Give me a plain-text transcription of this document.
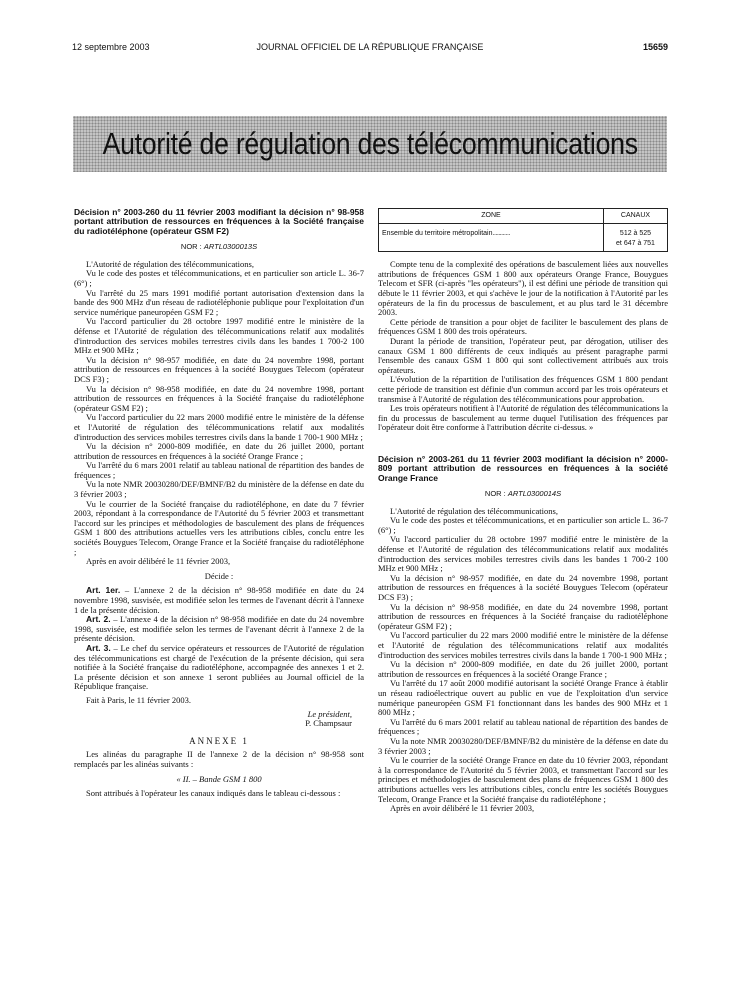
12 septembre 2003	JOURNAL OFFICIEL DE LA RÉPUBLIQUE FRANÇAISE	15659
Autorité de régulation des télécommunications
Décision n° 2003-260 du 11 février 2003 modifiant la décision n° 98-958 portant attribution de ressources en fréquences à la Société française du radiotéléphone (opérateur GSM F2)
NOR : ARTL0300013S

L'Autorité de régulation des télécommunications,

Vu le code des postes et télécommunications, et en particulier son article L. 36-7 (6°) ;

Vu l'arrêté du 25 mars 1991 modifié portant autorisation d'extension dans la bande des 900 MHz d'un réseau de radiotéléphonie publique pour l'exploitation d'un service numérique paneuropéen GSM F2 ;

Vu l'accord particulier du 28 octobre 1997 modifié entre le ministère de la défense et l'Autorité de régulation des télécommunications relatif aux modalités d'introduction des services mobiles terrestres civils dans les bandes 1 700-2 100 MHz et 900 MHz ;

Vu la décision n° 98-957 modifiée, en date du 24 novembre 1998, portant attribution de ressources en fréquences à la société Bouygues Telecom (opérateur DCS F3) ;

Vu la décision n° 98-958 modifiée, en date du 24 novembre 1998, portant attribution de ressources en fréquences à la Société française du radiotéléphone (opérateur GSM F2) ;

Vu l'accord particulier du 22 mars 2000 modifié entre le ministère de la défense et l'Autorité de régulation des télécommunications relatif aux modalités d'introduction des services mobiles terrestres civils dans la bande 1 700-1 900 MHz ;

Vu la décision n° 2000-809 modifiée, en date du 26 juillet 2000, portant attribution de ressources en fréquences à la société Orange France ;

Vu l'arrêté du 6 mars 2001 relatif au tableau national de répartition des bandes de fréquences ;

Vu la note NMR 20030280/DEF/BMNF/B2 du ministère de la défense en date du 3 février 2003 ;

Vu le courrier de la Société française du radiotéléphone, en date du 7 février 2003, répondant à la correspondance de l'Autorité du 5 février 2003 et transmettant l'accord sur les principes et méthodologies de basculement des plans de fréquences GSM 1 800 des attributions actuelles vers les attributions cibles, conclu entre les sociétés Bouygues Telecom, Orange France et la Société française du radiotéléphone ;

Après en avoir délibéré le 11 février 2003,

Décide :

Art. 1er. – L'annexe 2 de la décision n° 98-958 modifiée en date du 24 novembre 1998, susvisée, est modifiée selon les termes de l'avenant décrit à l'annexe 1 de la présente décision.

Art. 2. – L'annexe 4 de la décision n° 98-958 modifiée en date du 24 novembre 1998, susvisée, est modifiée selon les termes de l'avenant décrit à l'annexe 2 de la présente décision.

Art. 3. – Le chef du service opérateurs et ressources de l'Autorité de régulation des télécommunications est chargé de l'exécution de la présente décision, qui sera notifiée à la Société française du radiotéléphone, accompagnée des annexes 1 et 2. La présente décision et son annexe 1 seront publiées au Journal officiel de la République française.

Fait à Paris, le 11 février 2003.

Le président,

P. Champsaur

ANNEXE 1

Les alinéas du paragraphe II de l'annexe 2 de la décision n° 98-958 sont remplacés par les alinéas suivants :

« II. – Bande GSM 1 800

Sont attribués à l'opérateur les canaux indiqués dans le tableau ci-dessous :

ZONE	CANAUX
Ensemble du territoire métropolitain............	512 à 525
et 647 à 751

Compte tenu de la complexité des opérations de basculement liées aux nouvelles attributions de fréquences GSM 1 800 aux opérateurs Orange France, Bouygues Telecom et SFR (ci-après "les opérateurs"), il est défini une période de transition qui débute le 11 février 2003, et qui s'achève le jour de la notification à l'Autorité par les opérateurs de la fin du processus de basculement, et au plus tard le 31 décembre 2003.

Cette période de transition a pour objet de faciliter le basculement des plans de fréquences GSM 1 800 des trois opérateurs.

Durant la période de transition, l'opérateur peut, par dérogation, utiliser des canaux GSM 1 800 différents de ceux indiqués au présent paragraphe parmi l'ensemble des canaux GSM 1 800 qui sont collectivement attribués aux trois opérateurs.

L'évolution de la répartition de l'utilisation des fréquences GSM 1 800 pendant cette période de transition est définie d'un commun accord par les trois opérateurs et transmise à l'Autorité de régulation des télécommunications pour approbation.

Les trois opérateurs notifient à l'Autorité de régulation des télécommunications la fin du processus de basculement au terme duquel l'utilisation des fréquences par l'opérateur doit être conforme à l'attribution décrite ci-dessus. »

Décision n° 2003-261 du 11 février 2003 modifiant la décision n° 2000-809 portant attribution de ressources en fréquences à la société Orange France
NOR : ARTL0300014S

L'Autorité de régulation des télécommunications,

Vu le code des postes et télécommunications, et en particulier son article L. 36-7 (6°) ;

Vu l'accord particulier du 28 octobre 1997 modifié entre le ministère de la défense et l'Autorité de régulation des télécommunications relatif aux modalités d'introduction des services mobiles terrestres civils dans les bandes 1 700-2 100 MHz et 900 MHz ;

Vu la décision n° 98-957 modifiée, en date du 24 novembre 1998, portant attribution de ressources en fréquences à la société Bouygues Telecom (opérateur DCS F3) ;

Vu la décision n° 98-958 modifiée, en date du 24 novembre 1998, portant attribution de ressources en fréquences à la Société française du radiotéléphone (opérateur GSM F2) ;

Vu l'accord particulier du 22 mars 2000 modifié entre le ministère de la défense et l'Autorité de régulation des télécommunications relatif aux modalités d'introduction des services mobiles terrestres civils dans la bande 1 700-1 900 MHz ;

Vu la décision n° 2000-809 modifiée, en date du 26 juillet 2000, portant attribution de ressources en fréquences à la société Orange France ;

Vu l'arrêté du 17 août 2000 modifié autorisant la société Orange France à établir un réseau radioélectrique ouvert au public en vue de l'exploitation d'un service numérique paneuropéen GSM F1 fonctionnant dans les bandes des 900 MHz et 1 800 MHz ;

Vu l'arrêté du 6 mars 2001 relatif au tableau national de répartition des bandes de fréquences ;

Vu la note NMR 20030280/DEF/BMNF/B2 du ministère de la défense en date du 3 février 2003 ;

Vu le courrier de la société Orange France en date du 10 février 2003, répondant à la correspondance de l'Autorité du 5 février 2003, et transmettant l'accord sur les principes et méthodologies de basculement des plans de fréquences GSM 1 800 des attributions actuelles vers les attributions cibles, conclu entre les sociétés Bouygues Telecom, Orange France et la Société française du radiotéléphone ;

Après en avoir délibéré le 11 février 2003,
